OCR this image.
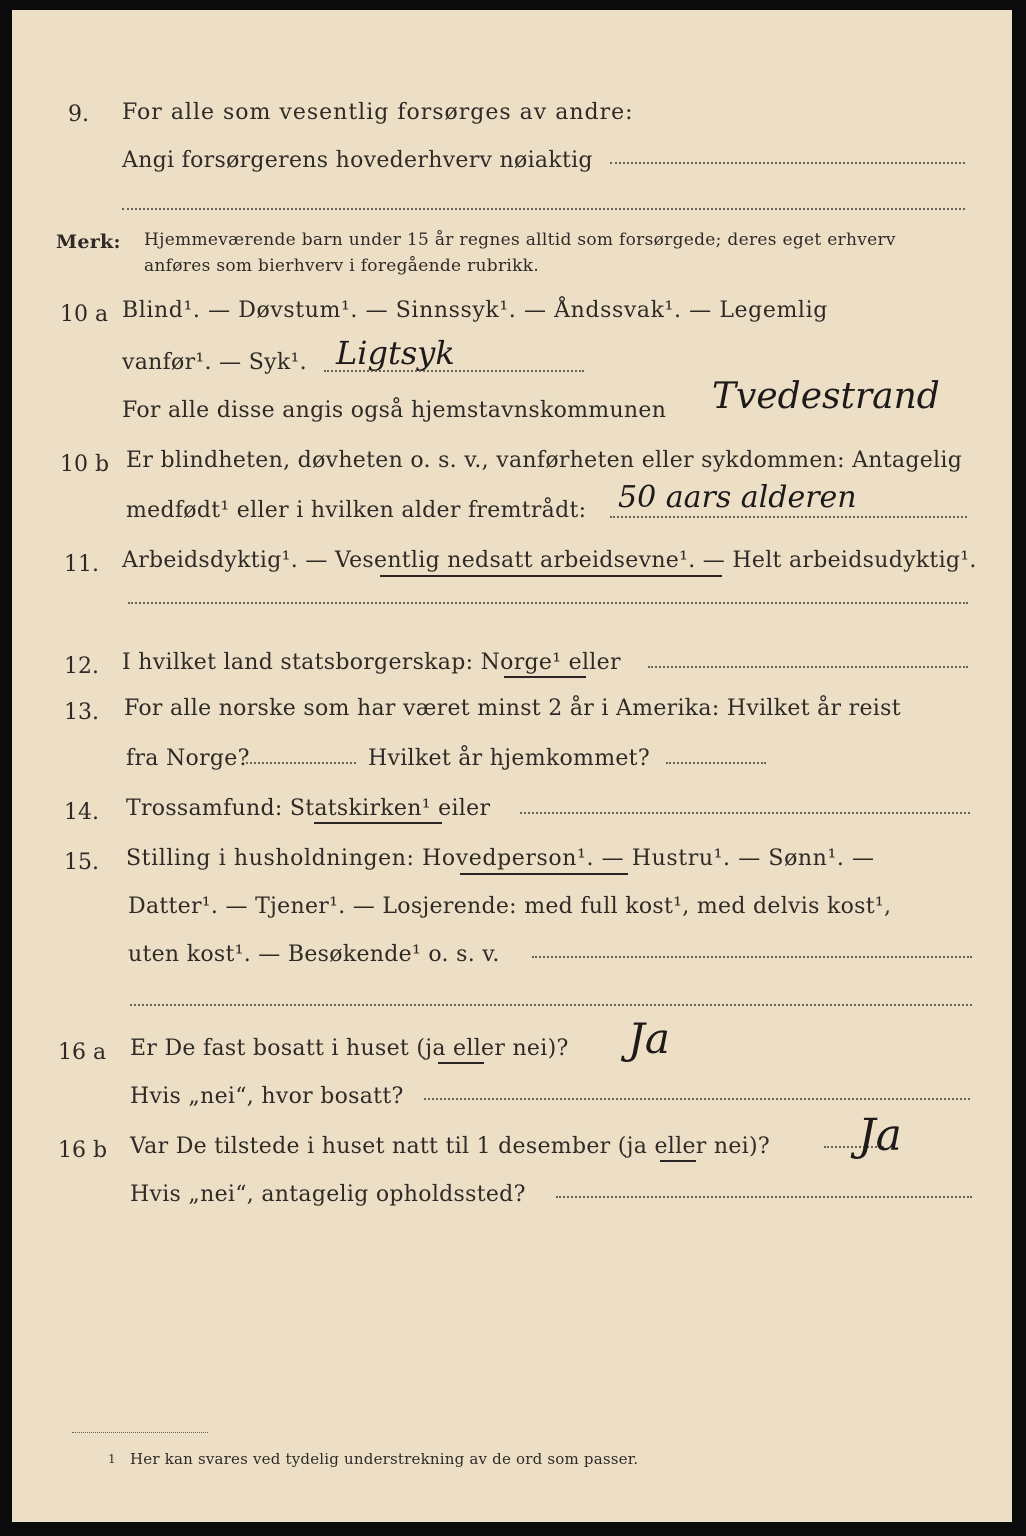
9. For alle som vesentlig forsørges av andre:
Angi forsørgerens hovederhverv nøiaktig
Merk: Hjemmeværende barn under 15 år regnes alltid som forsørgede; deres eget erhverv
anføres som bierhverv i foregående rubrikk.
10 a Blind¹. — Døvstum¹. — Sinnssyk¹. — Åndssvak¹. — Legemlig
vanfør¹. — Syk¹. Ligtsyk
For alle disse angis også hjemstavnskommunen Tvedestrand
10 b Er blindheten, døvheten o. s. v., vanførheten eller sykdommen: Antagelig
medfødt¹ eller i hvilken alder fremtrådt: 50 aars alderen
11. Arbeidsdyktig¹. — Vesentlig nedsatt arbeidsevne¹. — Helt arbeidsudyktig¹.
12. I hvilket land statsborgerskap: Norge¹ eller
13. For alle norske som har været minst 2 år i Amerika: Hvilket år reist
fra Norge?	Hvilket år hjemkommet?
14. Trossamfund: Statskirken¹ eiler
15. Stilling i husholdningen: Hovedperson¹. — Hustru¹. — Sønn¹. —
Datter¹. — Tjener¹. — Losjerende: med full kost¹, med delvis kost¹,
uten kost¹. — Besøkende¹ o. s. v.
16 a Er De fast bosatt i huset (ja eller nei)? Ja
Hvis „nei“, hvor bosatt?
16 b Var De tilstede i huset natt til 1 desember (ja eller nei)? Ja
Hvis „nei“, antagelig opholdssted?
1 Her kan svares ved tydelig understrekning av de ord som passer.
